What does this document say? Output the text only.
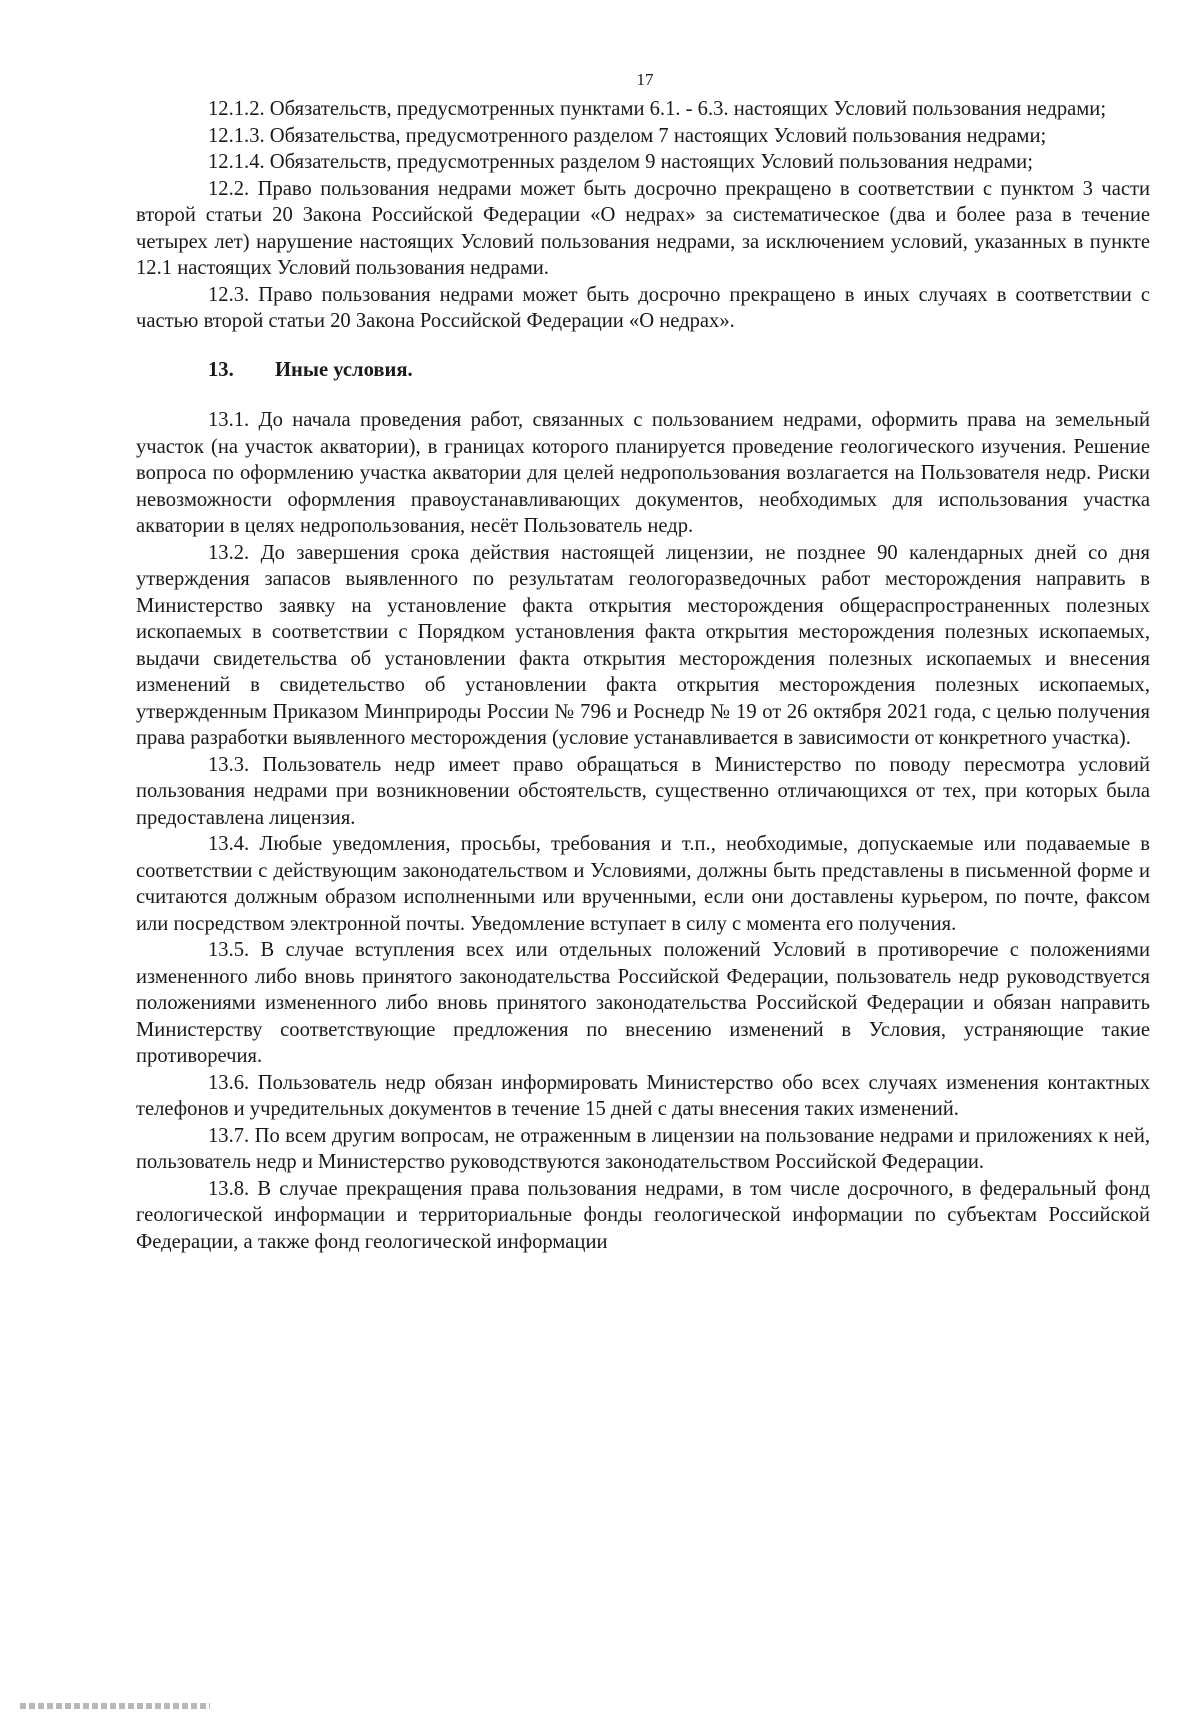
17

12.1.2. Обязательств, предусмотренных пунктами 6.1. - 6.3. настоящих Условий пользования недрами;

12.1.3. Обязательства, предусмотренного разделом 7 настоящих Условий пользования недрами;

12.1.4. Обязательств, предусмотренных разделом 9 настоящих Условий пользования недрами;

12.2. Право пользования недрами может быть досрочно прекращено в соответствии с пунктом 3 части второй статьи 20 Закона Российской Федерации «О недрах» за систематическое (два и более раза в течение четырех лет) нарушение настоящих Условий пользования недрами, за исключением условий, указанных в пункте 12.1 настоящих Условий пользования недрами.

12.3. Право пользования недрами может быть досрочно прекращено в иных случаях в соответствии с частью второй статьи 20 Закона Российской Федерации «О недрах».

13. Иные условия.

13.1. До начала проведения работ, связанных с пользованием недрами, оформить права на земельный участок (на участок акватории), в границах которого планируется проведение геологического изучения. Решение вопроса по оформлению участка акватории для целей недропользования возлагается на Пользователя недр. Риски невозможности оформления правоустанавливающих документов, необходимых для использования участка акватории в целях недропользования, несёт Пользователь недр.

13.2. До завершения срока действия настоящей лицензии, не позднее 90 календарных дней со дня утверждения запасов выявленного по результатам геологоразведочных работ месторождения направить в Министерство заявку на установление факта открытия месторождения общераспространенных полезных ископаемых в соответствии с Порядком установления факта открытия месторождения полезных ископаемых, выдачи свидетельства об установлении факта открытия месторождения полезных ископаемых и внесения изменений в свидетельство об установлении факта открытия месторождения полезных ископаемых, утвержденным Приказом Минприроды России № 796 и Роснедр № 19 от 26 октября 2021 года, с целью получения права разработки выявленного месторождения (условие устанавливается в зависимости от конкретного участка).

13.3. Пользователь недр имеет право обращаться в Министерство по поводу пересмотра условий пользования недрами при возникновении обстоятельств, существенно отличающихся от тех, при которых была предоставлена лицензия.

13.4. Любые уведомления, просьбы, требования и т.п., необходимые, допускаемые или подаваемые в соответствии с действующим законодательством и Условиями, должны быть представлены в письменной форме и считаются должным образом исполненными или врученными, если они доставлены курьером, по почте, факсом или посредством электронной почты. Уведомление вступает в силу с момента его получения.

13.5. В случае вступления всех или отдельных положений Условий в противоречие с положениями измененного либо вновь принятого законодательства Российской Федерации, пользователь недр руководствуется положениями измененного либо вновь принятого законодательства Российской Федерации и обязан направить Министерству соответствующие предложения по внесению изменений в Условия, устраняющие такие противоречия.

13.6. Пользователь недр обязан информировать Министерство обо всех случаях изменения контактных телефонов и учредительных документов в течение 15 дней с даты внесения таких изменений.

13.7. По всем другим вопросам, не отраженным в лицензии на пользование недрами и приложениях к ней, пользователь недр и Министерство руководствуются законодательством Российской Федерации.

13.8. В случае прекращения права пользования недрами, в том числе досрочного, в федеральный фонд геологической информации и территориальные фонды геологической информации по субъектам Российской Федерации, а также фонд геологической информации
